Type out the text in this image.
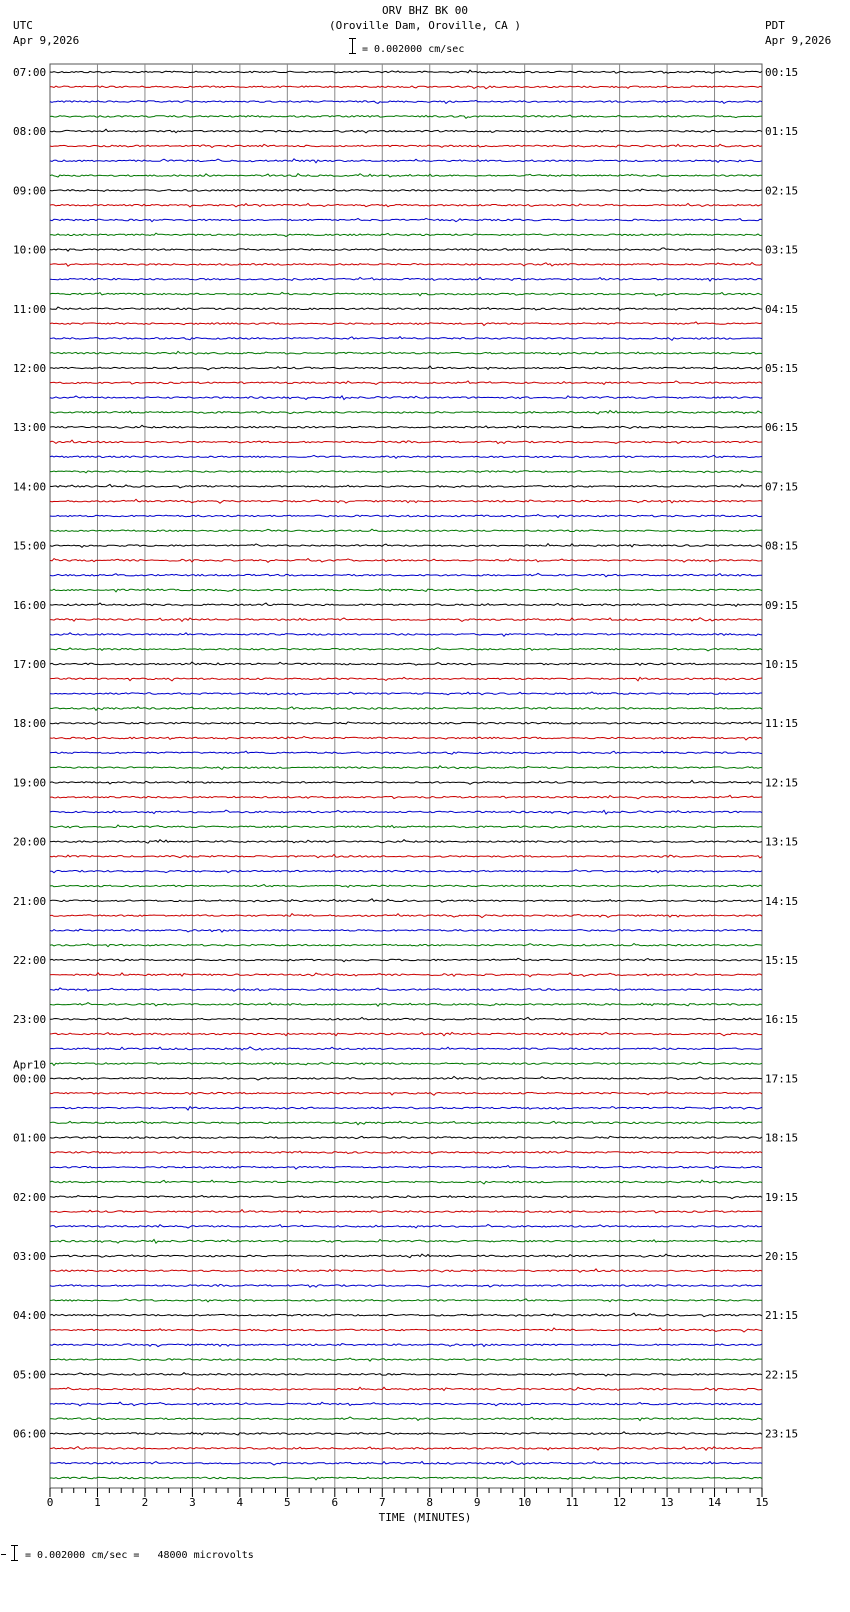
ORV BHZ BK 00
(Oroville Dam, Oroville, CA )
UTC
Apr 9,2026
PDT
Apr 9,2026

= 0.002000 cm/sec
07:00
08:00
09:00
10:00
11:00
12:00
13:00
14:00
15:00
16:00
17:00
18:00
19:00
20:00
21:00
22:00
23:00
00:00
01:00
02:00
03:00
04:00
05:00
06:00
00:15
01:15
02:15
03:15
04:15
05:15
06:15
07:15
08:15
09:15
10:15
11:15
12:15
13:15
14:15
15:15
16:15
17:15
18:15
19:15
20:15
21:15
22:15
23:15
Apr10
0	1	2	3	4	5	6	7	8	9	10	11	12	13	14	15
TIME (MINUTES)

= 0.002000 cm/sec =   48000 microvolts
